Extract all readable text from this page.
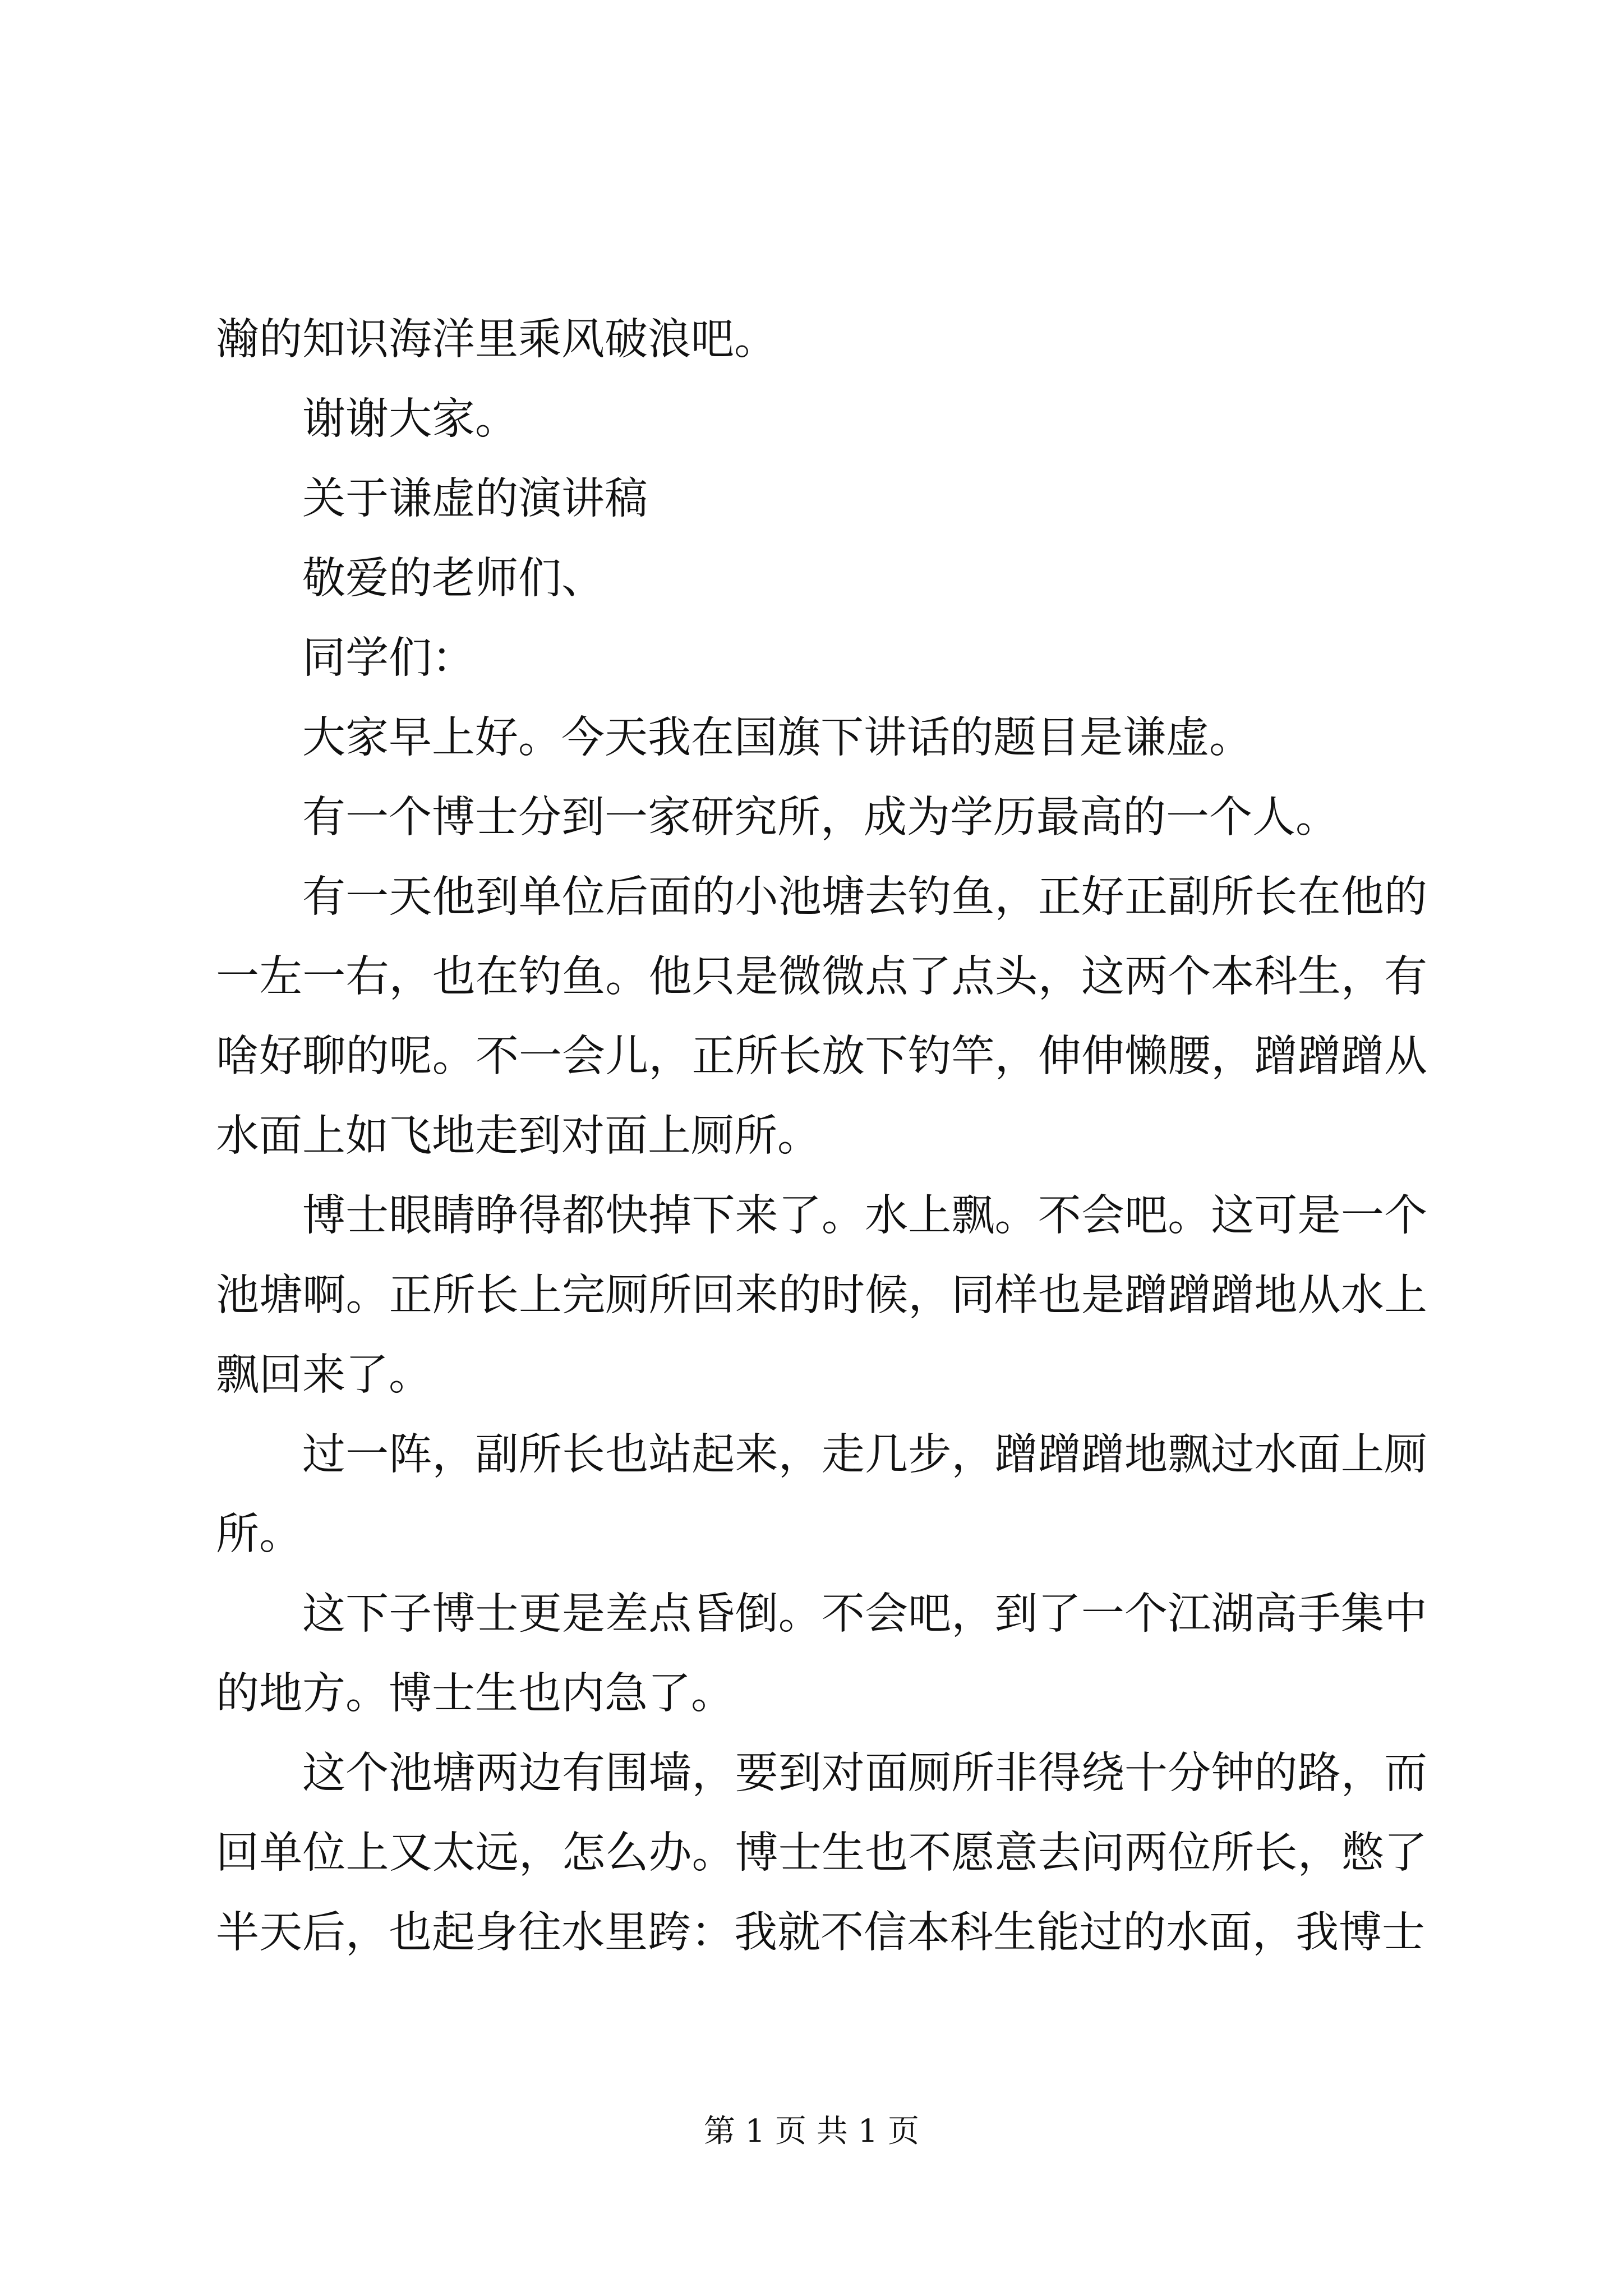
瀚的知识海洋里乘风破浪吧。

谢谢大家。

关于谦虚的演讲稿

敬爱的老师们、

同学们：

大家早上好。今天我在国旗下讲话的题目是谦虚。

有一个博士分到一家研究所，成为学历最高的一个人。

有一天他到单位后面的小池塘去钓鱼，正好正副所长在他的一左一右，也在钓鱼。他只是微微点了点头，这两个本科生，有啥好聊的呢。不一会儿，正所长放下钓竿，伸伸懒腰，蹭蹭蹭从水面上如飞地走到对面上厕所。

博士眼睛睁得都快掉下来了。水上飘。不会吧。这可是一个池塘啊。正所长上完厕所回来的时候，同样也是蹭蹭蹭地从水上飘回来了。

过一阵，副所长也站起来，走几步，蹭蹭蹭地飘过水面上厕所。

这下子博士更是差点昏倒。不会吧，到了一个江湖高手集中的地方。博士生也内急了。

这个池塘两边有围墙，要到对面厕所非得绕十分钟的路，而回单位上又太远，怎么办。博士生也不愿意去问两位所长，憋了半天后，也起身往水里跨：我就不信本科生能过的水面，我博士

第 1 页 共 1 页
